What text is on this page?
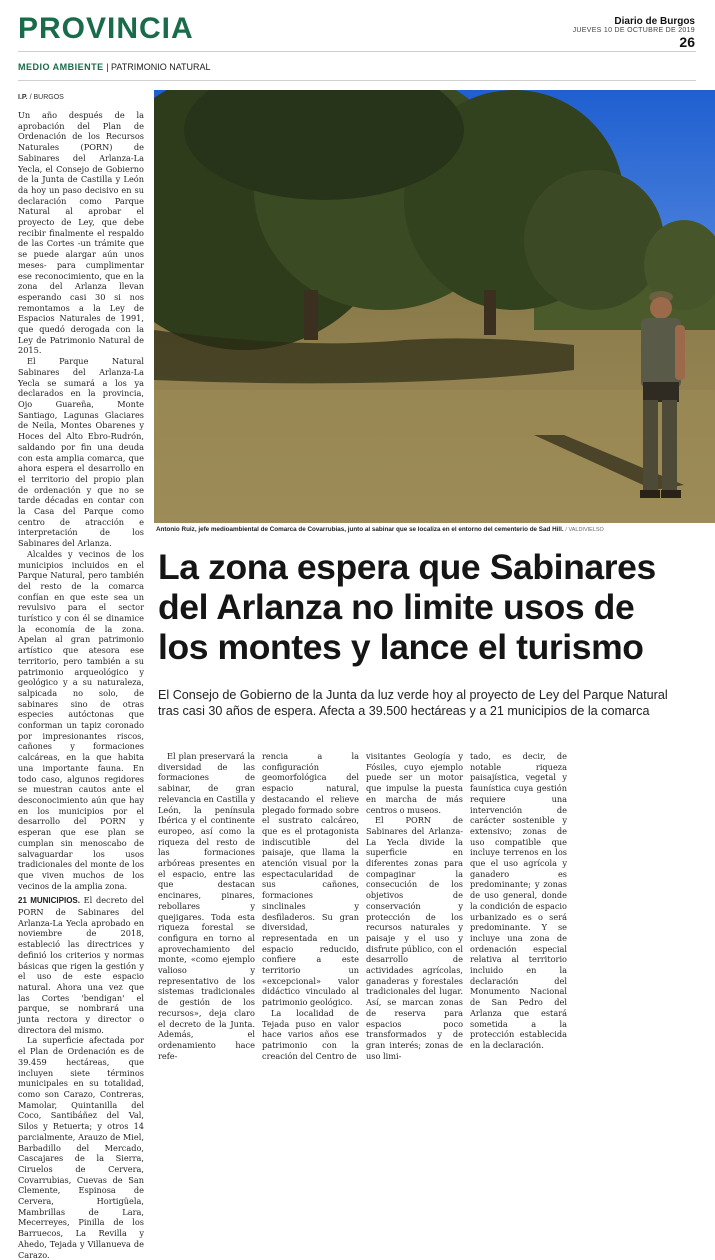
PROVINCIA	Diario de Burgos
JUEVES 10 DE OCTUBRE DE 2019
26
MEDIO AMBIENTE | PATRIMONIO NATURAL
I.P. / BURGOS

Un año después de la aprobación del Plan de Ordenación de los Recursos Naturales (PORN) de Sabinares del Arlanza-La Yecla, el Consejo de Gobierno de la Junta de Castilla y León da hoy un paso decisivo en su declaración como Parque Natural al aprobar el proyecto de Ley, que debe recibir finalmente el respaldo de las Cortes -un trámite que se puede alargar aún unos meses- para cumplimentar ese reconocimiento, que en la zona del Arlanza llevan esperando casi 30 si nos remontamos a la Ley de Espacios Naturales de 1991, que quedó derogada con la Ley de Patrimonio Natural de 2015.

El Parque Natural Sabinares del Arlanza-La Yecla se sumará a los ya declarados en la provincia, Ojo Guareña, Monte Santiago, Lagunas Glaciares de Neila, Montes Obarenes y Hoces del Alto Ebro-Rudrón, saldando por fin una deuda con esta amplia comarca, que ahora espera el desarrollo en el territorio del propio plan de ordenación y que no se tarde décadas en contar con la Casa del Parque como centro de atracción e interpretación de los Sabinares del Arlanza.

Alcaldes y vecinos de los municipios incluidos en el Parque Natural, pero también del resto de la comarca confían en que este sea un revulsivo para el sector turístico y con él se dinamice la economía de la zona. Apelan al gran patrimonio artístico que atesora ese territorio, pero también a su patrimonio arqueológico y geológico y a su naturaleza, salpicada no solo, de sabinares sino de otras especies autóctonas que conforman un tapiz coronado por impresionantes riscos, cañones y formaciones calcáreas, en la que habita una importante fauna. En todo caso, algunos regidores se muestran cautos ante el desconocimiento aún que hay en los municipios por el desarrollo del PORN y esperan que ese plan se cumplan sin menoscabo de salvaguardar los usos tradicionales del monte de los que viven muchos de los vecinos de la amplia zona.

21 MUNICIPIOS. El decreto del PORN de Sabinares del Arlanza-La Yecla aprobado en noviembre de 2018, estableció las directrices y definió los criterios y normas básicas que rigen la gestión y el uso de este espacio natural. Ahora una vez que las Cortes 'bendigan' el parque, se nombrará una junta rectora y director o directora del mismo.

La superficie afectada por el Plan de Ordenación es de 39.459 hectáreas, que incluyen siete términos municipales en su totalidad, como son Carazo, Contreras, Mamolar, Quintanilla del Coco, Santibáñez del Val, Silos y Retuerta; y otros 14 parcialmente, Arauzo de Miel, Barbadillo del Mercado, Cascajares de la Sierra, Ciruelos de Cervera, Covarrubias, Cuevas de San Clemente, Espinosa de Cervera, Hortigüela, Mambrillas de Lara, Mecerreyes, Pinilla de los Barruecos, La Revilla y Ahedo, Tejada y Villanueva de Carazo.

Antonio Ruiz, jefe medioambiental de Comarca de Covarrubias, junto al sabinar que se localiza en el entorno del cementerio de Sad Hill. / VALDIVIELSO
La zona espera que Sabinares
del Arlanza no limite usos de
los montes y lance el turismo
El Consejo de Gobierno de la Junta da luz verde hoy al proyecto de Ley del Parque Natural
tras casi 30 años de espera. Afecta a 39.500 hectáreas y a 21 municipios de la comarca

El plan preservará la diversidad de las formaciones de sabinar, de gran relevancia en Castilla y León, la península Ibérica y el continente europeo, así como la riqueza del resto de las formaciones arbóreas presentes en el espacio, entre las que destacan encinares, pinares, rebollares y quejigares. Toda esta riqueza forestal se configura en torno al aprovechamiento del monte, «como ejemplo valioso y representativo de los sistemas tradicionales de gestión de los recursos», deja claro el decreto de la Junta. Además, el ordenamiento hace refe-

rencia a la configuración geomorfológica del espacio natural, destacando el relieve plegado formado sobre el sustrato calcáreo, que es el protagonista indiscutible del paisaje, que llama la atención visual por la espectacularidad de sus cañones, formaciones sinclinales y desfiladeros. Su gran diversidad, representada en un espacio reducido, confiere a este territorio un «excepcional» valor didáctico vinculado al patrimonio geológico.

La localidad de Tejada puso en valor hace varios años ese patrimonio con la creación del Centro de

visitantes Geología y Fósiles, cuyo ejemplo puede ser un motor que impulse la puesta en marcha de más centros o museos.

El PORN de Sabinares del Arlanza-La Yecla divide la superficie en diferentes zonas para compaginar la consecución de los objetivos de conservación y protección de los recursos naturales y paisaje y el uso y disfrute público, con el desarrollo de actividades agrícolas, ganaderas y forestales tradicionales del lugar. Así, se marcan zonas de reserva para espacios poco transformados y de gran interés; zonas de uso limi-

tado, es decir, de notable riqueza paisajística, vegetal y faunística cuya gestión requiere una intervención de carácter sostenible y extensivo; zonas de uso compatible que incluye terrenos en los que el uso agrícola y ganadero es predominante; y zonas de uso general, donde la condición de espacio urbanizado es o será predominante. Y se incluye una zona de ordenación especial relativa al territorio incluido en la declaración del Monumento Nacional de San Pedro del Arlanza que estará sometida a la protección establecida en la declaración.
